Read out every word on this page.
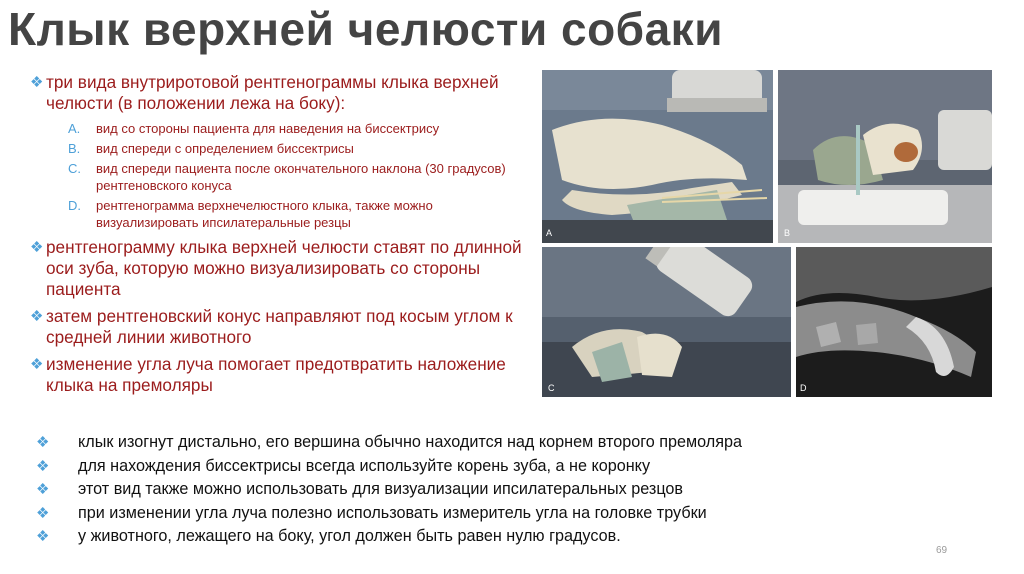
Клык верхней челюсти собаки
❖ три вида внутриротовой рентгенограммы клыка верхней челюсти (в положении лежа на боку):
A. вид со стороны пациента для наведения на биссектрису
B. вид спереди с определением биссектрисы
C. вид спереди пациента после окончательного наклона (30 градусов) рентгеновского конуса
D. рентгенограмма верхнечелюстного клыка, также можно визуализировать ипсилатеральные резцы
❖ рентгенограмму клыка верхней челюсти ставят по длинной оси зуба, которую можно визуализировать со стороны пациента
❖ затем рентгеновский конус направляют под косым углом к средней линии животного
❖ изменение угла луча помогает предотвратить наложение клыка на премоляры
A	B
C	D
❖ клык изогнут дистально, его вершина обычно находится над корнем второго премоляра
❖ для нахождения биссектрисы всегда используйте корень зуба, а не коронку
❖ этот вид также можно использовать для визуализации ипсилатеральных резцов
❖ при изменении угла луча полезно использовать измеритель угла на головке трубки
❖ у животного, лежащего на боку, угол должен быть равен нулю градусов.
69
